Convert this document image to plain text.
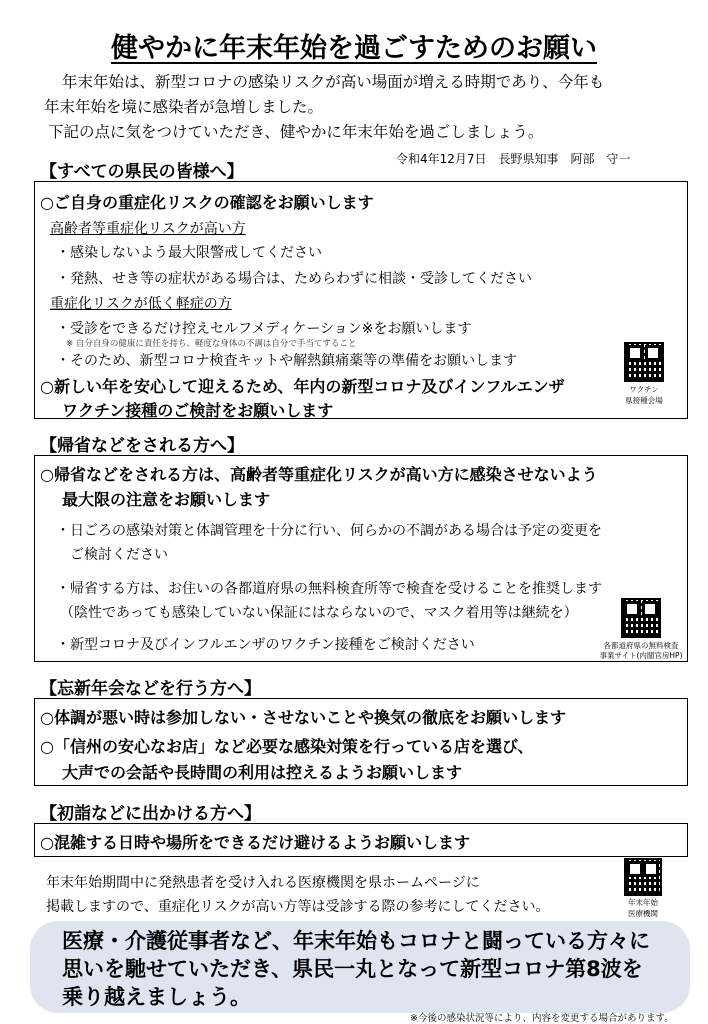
健やかに年末年始を過ごすためのお願い
年末年始は、新型コロナの感染リスクが高い場面が増える時期であり、今年も
年末年始を境に感染者が急増しました。
下記の点に気をつけていただき、健やかに年末年始を過ごしましょう。
令和4年12月7日　長野県知事　阿部　守一
【すべての県民の皆様へ】
○ご自身の重症化リスクの確認をお願いします
高齢者等重症化リスクが高い方
・感染しないよう最大限警戒してください
・発熱、せき等の症状がある場合は、ためらわずに相談・受診してください
重症化リスクが低く軽症の方
・受診をできるだけ控えセルフメディケーション※をお願いします
※ 自分自身の健康に責任を持ち、軽度な身体の不調は自分で手当てすること
・そのため、新型コロナ検査キットや解熱鎮痛薬等の準備をお願いします
○新しい年を安心して迎えるため、年内の新型コロナ及びインフルエンザ
ワクチン接種のご検討をお願いします
ワクチン
県接種会場
【帰省などをされる方へ】
○帰省などをされる方は、高齢者等重症化リスクが高い方に感染させないよう
最大限の注意をお願いします
・日ごろの感染対策と体調管理を十分に行い、何らかの不調がある場合は予定の変更を
ご検討ください
・帰省する方は、お住いの各都道府県の無料検査所等で検査を受けることを推奨します
（陰性であっても感染していない保証にはならないので、マスク着用等は継続を）
・新型コロナ及びインフルエンザのワクチン接種をご検討ください	各都道府県の無料検査
事業サイト(内閣官房HP)
【忘新年会などを行う方へ】
○体調が悪い時は参加しない・させないことや換気の徹底をお願いします
○「信州の安心なお店」など必要な感染対策を行っている店を選び、
大声での会話や長時間の利用は控えるようお願いします
【初詣などに出かける方へ】
○混雑する日時や場所をできるだけ避けるようお願いします
年末年始期間中に発熱患者を受け入れる医療機関を県ホームページに
掲載しますので、重症化リスクが高い方等は受診する際の参考にしてください。	年末年始
医療機関
医療・介護従事者など、年末年始もコロナと闘っている方々に
思いを馳せていただき、県民一丸となって新型コロナ第8波を
乗り越えましょう。
※今後の感染状況等により、内容を変更する場合があります。
